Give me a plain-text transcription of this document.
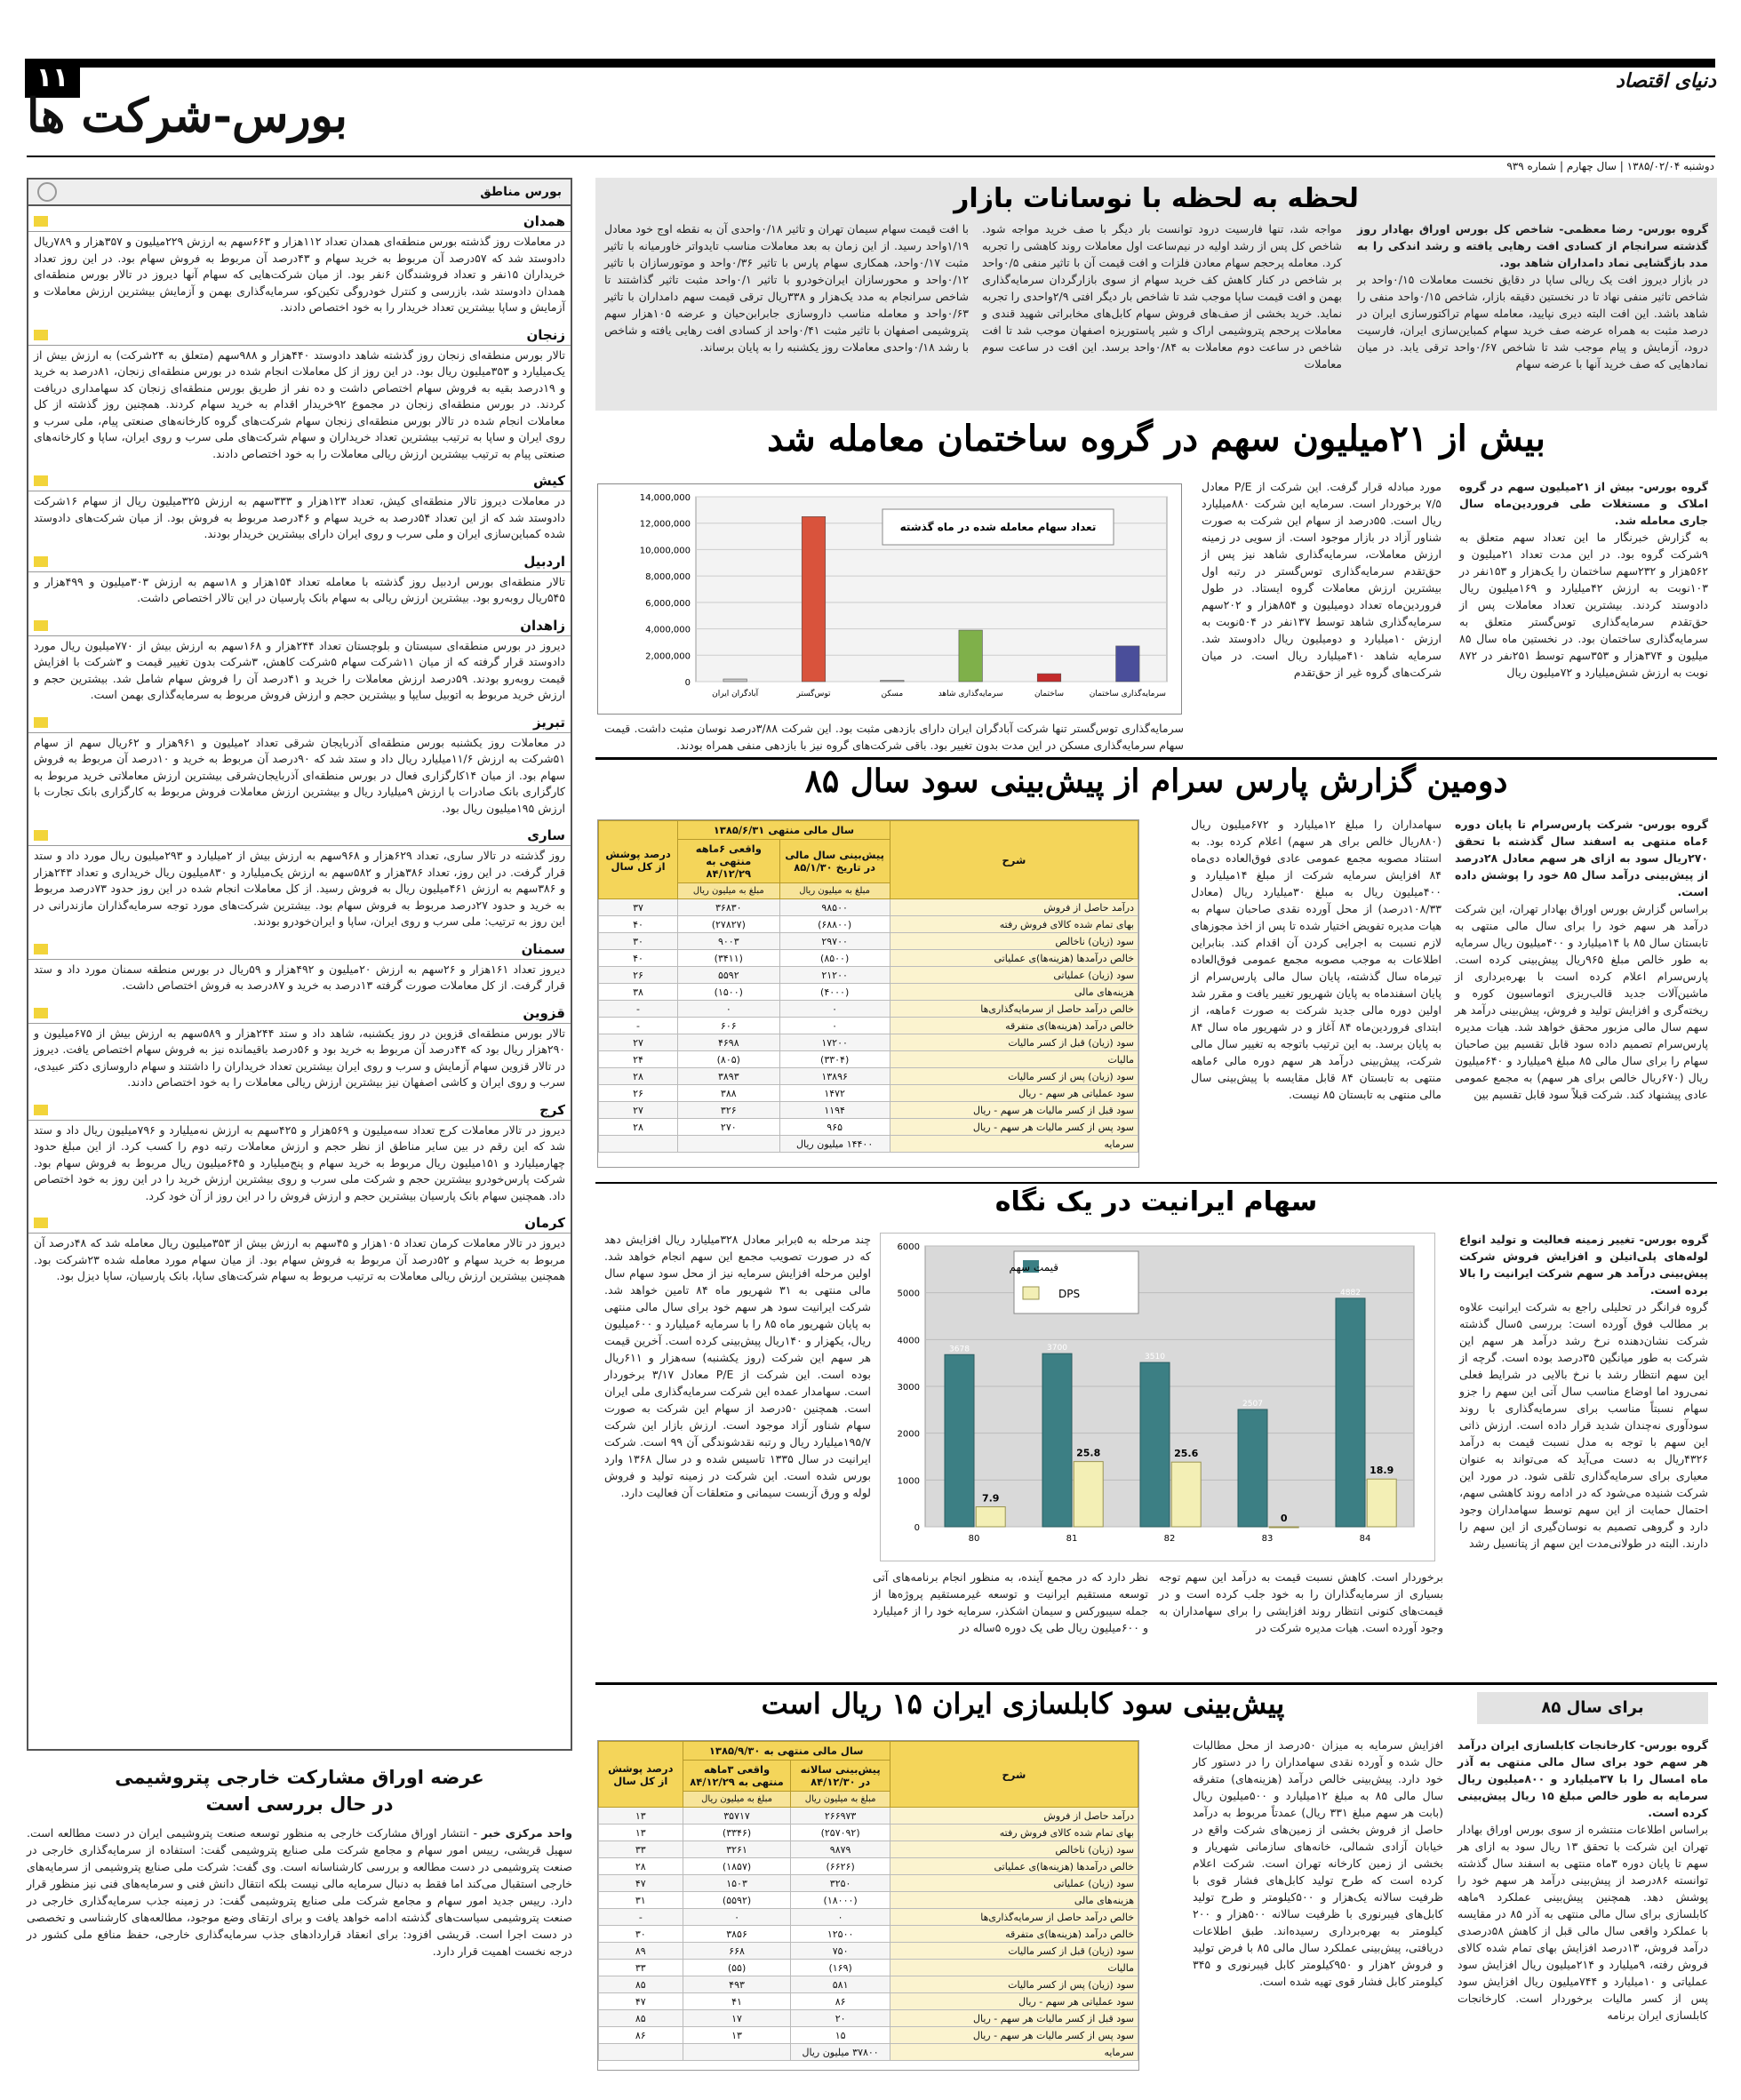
۱۱
بورس-شرکت ها
دنیای اقتصاد
دوشنبه ۱۳۸۵/۰۲/۰۴ | سال چهارم | شماره ۹۳۹
بورس مناطق
همدان

در معاملات روز گذشته بورس منطقه‌ای همدان تعداد ۱۱۲هزار و ۶۶۳سهم به ارزش ۲۲۹میلیون و ۳۵۷هزار و ۷۸۹ریال داد‌وستد شد که ۵۷درصد آن مربوط به خرید سهام و ۴۳درصد آن مربوط به فروش سهام بود. در این روز تعداد خریداران ۱۵نفر و تعداد فروشندگان ۶نفر بود. از میان شرکت‌هایی که سهام آنها دیروز در تالار بورس منطقه‌ای همدان دادوستد شد، بازرسی و کنترل خودروگی تکین‌کو، سرمایه‌گذاری بهمن و آزمایش بیشترین ارزش معاملات و آزمایش و ساپا بیشترین تعداد خریدار را به خود اختصاص دادند.

زنجان

تالار بورس منطقه‌ای زنجان روز گذشته شاهد دادوستد ۴۴۰هزار و ۹۸۸سهم (متعلق به ۲۴شرکت) به ارزش بیش از یک‌میلیارد و ۳۵۳میلیون ریال بود. در این روز از کل معاملات انجام شده در بورس منطقه‌ای زنجان، ۸۱درصد به خرید و ۱۹درصد بقیه به فروش سهام اختصاص داشت و ده نفر از طریق بورس منطقه‌ای زنجان کد سهامداری دریافت کردند. در بورس منطقه‌ای زنجان در مجموع ۹۲خریدار اقدام به خرید سهام کردند. همچنین روز گذشته از کل معاملات انجام شده در تالار بورس منطقه‌ای زنجان سهام شرکت‌های گروه کارخانه‌های صنعتی پیام، ملی سرب و روی ایران و ساپا به ترتیب بیشترین تعداد خریداران و سهام شرکت‌های ملی سرب و روی ایران، ساپا و کارخانه‌های صنعتی پیام به ترتیب بیشترین ارزش ریالی معاملات را به خود اختصاص دادند.

کیش

در معاملات دیروز تالار منطقه‌ای کیش، تعداد ۱۲۳هزار و ۳۳۳سهم به ارزش ۳۲۵میلیون ریال از سهام ۱۶شرکت دادوستد شد که از این تعداد ۵۴درصد به خرید سهام و ۴۶درصد مربوط به فروش بود. از میان شرکت‌های دادوستد شده کمباین‌سازی ایران و ملی سرب و روی ایران دارای بیشترین خریدار بودند.

اردبیل

تالار منطقه‌ای بورس اردبیل روز گذشته با معامله تعداد ۱۵۴هزار و ۱۸سهم به ارزش ۳۰۳میلیون و ۴۹۹هزار و ۵۴۵ریال روبه‌رو بود. بیشترین ارزش ریالی به سهام بانک پارسیان در این تالار اختصاص داشت.

زاهدان

دیروز در بورس منطقه‌ای سیستان و بلوچستان تعداد ۲۴۴هزار و ۱۶۸سهم به ارزش بیش از ۷۷۰میلیون ریال مورد دادوستد قرار گرفته که از میان ۱۱شرکت سهام ۵شرکت کاهش، ۳شرکت بدون تغییر قیمت و ۳شرکت با افزایش قیمت روبه‌رو بودند. ۵۹درصد ارزش معاملات را خرید و ۴۱درصد آن را فروش سهام شامل شد. بیشترین حجم و ارزش خرید مربوط به اتوبیل سایپا و بیشترین حجم و ارزش فروش مربوط به سرمایه‌گذاری بهمن است.

تبریز

در معاملات روز یکشنبه بورس منطقه‌ای آذربایجان شرقی تعداد ۲میلیون و ۹۶۱هزار و ۶۲ریال سهم از سهام ۵۱شرکت به ارزش ۱۱/۶میلیارد ریال داد و ستد شد که ۹۰درصد آن مربوط به خرید و ۱۰درصد آن مربوط به فروش سهام بود. از میان ۱۴کارگزاری فعال در بورس منطقه‌ای آذربایجان‌شرقی بیشترین ارزش معاملاتی خرید مربوط به کارگزاری بانک صادرات با ارزش ۹میلیارد ریال و بیشترین ارزش معاملات فروش مربوط به کارگزاری بانک تجارت با ارزش ۱۹۵میلیون ریال بود.

ساری

روز گذشته در تالار ساری، تعداد ۶۲۹هزار و ۹۶۸سهم به ارزش بیش از ۲میلیارد و ۲۹۳میلیون ریال مورد داد و ستد قرار گرفت. در این روز، تعداد ۳۸۶هزار و ۵۸۲سهم به ارزش یک‌میلیارد و ۸۳۰میلیون ریال خریداری و تعداد ۲۴۳هزار و ۳۸۶سهم به ارزش ۴۶۱میلیون ریال به فروش رسید. از کل معاملات انجام شده در این روز حدود ۷۳درصد مربوط به خرید و حدود ۲۷درصد مربوط به فروش سهام بود. بیشترین شرکت‌های مورد توجه سرمایه‌گذاران مازندرانی در این روز به ترتیب: ملی سرب و روی ایران، ساپا و ایران‌خودرو بودند.

سمنان

دیروز تعداد ۱۶۱هزار و ۲۶سهم به ارزش ۲۰میلیون و ۴۹۲هزار و ۵۹ریال در بورس منطقه سمنان مورد داد و ستد قرار گرفت. از کل معاملات صورت گرفته ۱۳درصد به خرید و ۸۷درصد به فروش اختصاص داشت.

قزوین

تالار بورس منطقه‌ای قزوین در روز یکشنبه، شاهد داد و ستد ۲۴۴هزار و ۵۸۹سهم به ارزش بیش از ۶۷۵میلیون و ۲۹۰هزار ریال بود که ۴۴درصد آن مربوط به خرید بود و ۵۶درصد باقیمانده نیز به فروش سهام اختصاص یافت. دیروز در تالار قزوین سهام آزمایش و سرب و روی ایران بیشترین تعداد خریداران را داشتند و سهام داروسازی دکتر عبیدی، سرب و روی ایران و کاشی اصفهان نیز بیشترین ارزش ریالی معاملات را به خود اختصاص دادند.

کرج

دیروز در تالار معاملات کرج تعداد سه‌میلیون و ۵۶۹هزار و ۴۲۵سهم به ارزش نه‌میلیارد و ۷۹۶میلیون ریال داد و ستد شد که این رقم در بین سایر مناطق از نظر حجم و ارزش معاملات رتبه دوم را کسب کرد. از این مبلغ حدود چهارمیلیارد و ۱۵۱میلیون ریال مربوط به خرید سهام و پنج‌میلیارد و ۶۴۵میلیون ریال مربوط به فروش سهام بود. شرکت پارس‌خودرو بیشترین حجم و شرکت ملی سرب و روی بیشترین ارزش خرید را در این روز به خود اختصاص داد. همچنین سهام بانک پارسیان بیشترین حجم و ارزش فروش را در این روز از آن خود کرد.

کرمان

دیروز در تالار معاملات کرمان تعداد ۱۰۵هزار و ۴۵سهم به ارزش بیش از ۳۵۳میلیون ریال معامله شد که ۴۸درصد آن مربوط به خرید سهام و ۵۲درصد آن مربوط به فروش سهام بود. از میان سهام مورد معامله شده ۲۳شرکت بود. همچنین بیشترین ارزش ریالی معاملات به ترتیب مربوط به سهام شرکت‌های ساپا، بانک پارسیان، ساپا دیزل بود.

عرضه اوراق مشارکت خارجی پتروشیمی
در حال بررسی است
واحد مرکزی خبر - انتشار اوراق مشارکت خارجی به منظور توسعه صنعت پتروشیمی ایران در دست مطالعه است. سهیل قریشی، رییس امور سهام و مجامع شرکت ملی صنایع پتروشیمی گفت: استفاده از سرمایه‌گذاری خارجی در صنعت پتروشیمی در دست مطالعه و بررسی کارشناسانه است. وی گفت: شرکت ملی صنایع پتروشیمی از سرمایه‌های خارجی استقبال می‌کند اما فقط به دنبال سرمایه مالی نیست بلکه انتقال دانش فنی و سرمایه‌های فنی نیز منظور قرار دارد. رییس جدید امور سهام و مجامع شرکت ملی صنایع پتروشیمی گفت: در زمینه جذب سرمایه‌گذاری خارجی در صنعت پتروشیمی سیاست‌های گذشته ادامه خواهد یافت و برای ارتقای وضع موجود، مطالعه‌های کارشناسی و تخصصی در دست اجرا است. قریشی افزود: برای انعقاد قراردادهای جذب سرمایه‌گذاری خارجی، حفظ منافع ملی کشور در درجه نخست اهمیت قرار دارد.
لحظه به لحظه با نوسانات بازار
گروه بورس- رضا معظمی- شاخص کل بورس اوراق بهادار روز گذشته سرانجام از کسادی افت رهایی یافته و رشد اندکی را به مدد بازگشایی نماد دامداران شاهد بود.
در بازار دیروز افت یک ریالی ساپا در دقایق نخست معاملات ۰/۱۵واحد بر شاخص تاثیر منفی نهاد تا در نخستین دقیقه بازار، شاخص ۰/۱۵واحد منفی را شاهد باشد. این افت البته دیری نپایید، معامله سهام تراکتورسازی ایران در درصد مثبت به همراه عرضه صف خرید سهام کمباین‌سازی ایران، فارسیت درود، آزمایش و پیام موجب شد تا شاخص ۰/۶۷واحد ترقی یابد. در میان نمادهایی که صف خرید آنها با عرضه سهام
مواجه شد، تنها فارسیت درود توانست بار دیگر با صف خرید مواجه شود. شاخص کل پس از رشد اولیه در نیم‌ساعت اول معاملات روند کاهشی را تجربه کرد. معامله پرحجم سهام معادن فلزات و افت قیمت آن با تاثیر منفی ۰/۵واحد بر شاخص در کنار کاهش کف خرید سهام از سوی بازارگردان سرمایه‌گذاری بهمن و افت قیمت ساپا موجب شد تا شاخص بار دیگر افتی ۲/۹واحدی را تجربه نماید. خرید بخشی از صف‌های فروش سهام کابل‌های مخابراتی شهید قندی و معاملات پرحجم پتروشیمی اراک و شیر پاستوریزه اصفهان موجب شد تا افت شاخص در ساعت دوم معاملات به ۰/۸۴واحد برسد. این افت در ساعت سوم معاملات
با افت قیمت سهام سیمان تهران و تاثیر ۰/۱۸واحدی آن به نقطه اوج خود معادل ۱/۱۹واحد رسید. از این زمان به بعد معاملات مناسب تایدواتر خاورمیانه با تاثیر مثبت ۰/۱۷واحد، همکاری سهام پارس با تاثیر ۰/۳۶واحد و موتورسازان با تاثیر ۰/۱۲واحد و محورسازان ایران‌خودرو با تاثیر ۰/۱واحد مثبت تاثیر گذاشتند تا شاخص سرانجام به مدد یک‌هزار و ۳۳۸ریال ترقی قیمت سهم دامداران با تاثیر ۰/۶۳واحد و معامله مناسب داروسازی جابرابن‌حیان و عرضه ۱۰۵هزار سهم پتروشیمی اصفهان با تاثیر مثبت ۰/۴۱واحد از کسادی افت رهایی یافته و شاخص با رشد ۰/۱۸واحدی معاملات روز یکشنبه را به پایان برساند.
بیش از ۲۱میلیون سهم در گروه ساختمان معامله شد
گروه بورس- بیش از ۲۱میلیون سهم در گروه املاک و مستغلات طی فروردین‌ماه سال جاری معامله شد.
به گزارش خبرنگار ما این تعداد سهم متعلق به ۹شرکت گروه بود. در این مدت تعداد ۲۱میلیون و ۵۶۲هزار و ۲۳۲سهم ساختمان را یک‌هزار و ۱۵۳نفر در ۱۰۳نوبت به ارزش ۴۲میلیارد و ۱۶۹میلیون ریال دادوستد کردند. بیشترین تعداد معاملات پس از حق‌تقدم سرمایه‌گذاری توس‌گستر متعلق به سرمایه‌گذاری ساختمان بود. در نخستین ماه سال ۸۵ میلیون و ۳۷۴هزار و ۳۵۳سهم توسط ۲۵۱نفر در ۸۷۲ نوبت به ارزش شش‌میلیارد و ۷۲میلیون ریال
مورد مبادله قرار گرفت. این شرکت از P/E معادل ۷/۵ برخوردار است. سرمایه این شرکت ۸۸۰میلیارد ریال است. ۵۵درصد از سهام این شرکت به صورت شناور آزاد در بازار موجود است. از سویی در زمینه ارزش معاملات، سرمایه‌گذاری شاهد نیز پس از حق‌تقدم سرمایه‌گذاری توس‌گستر در رتبه اول بیشترین ارزش معاملات گروه ایستاد. در طول فروردین‌ماه تعداد دومیلیون و ۸۵۴هزار و ۲۰۲سهم سرمایه‌گذاری شاهد توسط ۱۳۷نفر در ۵۰۴نوبت به ارزش ۱۰میلیارد و دومیلیون ریال دادوستد شد. سرمایه شاهد ۴۱۰میلیارد ریال است. در میان شرکت‌های گروه غیر از حق‌تقدم
سرمایه‌گذاری توس‌گستر تنها شرکت آبادگران ایران دارای بازدهی مثبت بود. این شرکت ۳/۸۸درصد نوسان مثبت داشت. قیمت سهام سرمایه‌گذاری مسکن در این مدت بدون تغییر بود. باقی شرکت‌های گروه نیز با بازدهی منفی همراه بودند.
0
2,000,000
4,000,000
6,000,000
8,000,000
10,000,000
12,000,000
14,000,000
آبادگران ایران	توس‌گستر	مسکن	سرمایه‌گذاری شاهد	ساختمان	سرمایه‌گذاری ساختمان
تعداد سهام معامله شده در ماه گذشته
دومین گزارش پارس سرام از پیش‌بینی سود سال ۸۵
گروه بورس- شرکت پارس‌سرام تا پایان دوره ۶ماه منتهی به اسفند سال گذشته با تحقق ۲۷۰ریال سود به ازای هر سهم معادل ۲۸درصد از پیش‌بینی درآمد سال ۸۵ خود را پوشش داده است.
براساس گزارش بورس اوراق بهادار تهران، این شرکت درآمد هر سهم خود را برای سال مالی منتهی به تابستان سال ۸۵ با ۱۴میلیارد و ۴۰۰میلیون ریال سرمایه به طور خالص مبلغ ۹۶۵ریال پیش‌بینی کرده است. پارس‌سرام اعلام کرده است با بهره‌برداری از ماشین‌آلات جدید قالب‌ریزی اتوماسیون کوره و ریخته‌گری و افزایش تولید و فروش، پیش‌بینی درآمد هر سهم سال مالی مزبور محقق خواهد شد. هیات مدیره پارس‌سرام تصمیم داده سود قابل تقسیم بین صاحبان سهام را برای سال مالی ۸۵ مبلغ ۹میلیارد و ۶۴۰میلیون ریال (۶۷۰ریال خالص برای هر سهم) به مجمع عمومی عادی پیشنهاد کند. شرکت قبلاً سود قابل تقسیم بین
سهامداران را مبلغ ۱۲میلیارد و ۶۷۲میلیون ریال (۸۸۰ریال خالص برای هر سهم) اعلام کرده بود. به استناد مصوبه مجمع عمومی عادی فوق‌العاده دی‌ماه ۸۴ افزایش سرمایه شرکت از مبلغ ۱۴میلیارد و ۴۰۰میلیون ریال به مبلغ ۳۰میلیارد ریال (معادل ۱۰۸/۳۳درصد) از محل آورده نقدی صاحبان سهام به هیات مدیره تفویض اختیار شده تا پس از اخذ مجوزهای لازم نسبت به اجرایی کردن آن اقدام کند. بنابراین اطلاعات به موجب مصوبه مجمع عمومی فوق‌العاده تیرماه سال گذشته، پایان سال مالی پارس‌سرام از پایان اسفندماه به پایان شهریور تغییر یافت و مقرر شد اولین دوره مالی جدید شرکت به صورت ۶ماهه، از ابتدای فروردین‌ماه ۸۴ آغاز و در شهریور ماه سال ۸۴ به پایان برسد. به این ترتیب باتوجه به تغییر سال مالی شرکت، پیش‌بینی درآمد هر سهم دوره مالی ۶ماهه منتهی به تابستان ۸۴ قابل مقایسه با پیش‌بینی سال مالی منتهی به تابستان ۸۵ نیست.
شرح	سال مالی منتهی ۱۳۸۵/۶/۳۱		درصد پوشش از کل سال
	پیش‌بینی سال مالی در تاریخ ۸۵/۱/۳۰	واقعی ۶ماهه منتهی به ۸۴/۱۲/۲۹	
	مبلغ به میلیون ریال	مبلغ به میلیون ریال	
درآمد حاصل از فروش	۹۸۵۰۰	۳۶۸۳۰	۳۷
بهای تمام شده کالای فروش رفته	(۶۸۸۰۰)	(۲۷۸۲۷)	۴۰
سود (زیان) ناخالص	۲۹۷۰۰	۹۰۰۳	۳۰
خالص درآمدها (هزینه‌ها)ی عملیاتی	(۸۵۰۰)	(۳۴۱۱)	۴۰
سود (زیان) عملیاتی	۲۱۲۰۰	۵۵۹۲	۲۶
هزینه‌های مالی	(۴۰۰۰)	(۱۵۰۰)	۳۸
خالص درآمد حاصل از سرمایه‌گذاری‌ها	۰	۰	-
خالص درآمد (هزینه‌ها)ی متفرقه	۰	۶۰۶	-
سود (زیان) قبل از کسر مالیات	۱۷۲۰۰	۴۶۹۸	۲۷
مالیات	(۳۳۰۴)	(۸۰۵)	۲۴
سود (زیان) پس از کسر مالیات	۱۳۸۹۶	۳۸۹۳	۲۸
سود عملیاتی هر سهم - ریال	۱۴۷۲	۳۸۸	۲۶
سود قبل از کسر مالیات هر سهم - ریال	۱۱۹۴	۳۲۶	۲۷
سود پس از کسر مالیات هر سهم - ریال	۹۶۵	۲۷۰	۲۸
سرمایه	۱۴۴۰۰ میلیون ریال		
سهام ایرانیت در یک نگاه
گروه بورس- تغییر زمینه فعالیت و تولید انواع لوله‌های پلی‌اتیلن و افزایش فروش شرکت پیش‌بینی درآمد هر سهم شرکت ایرانیت را بالا برده است.
گروه فرانگر در تحلیلی راجع به شرکت ایرانیت علاوه بر مطالب فوق آورده است: بررسی ۵سال گذشته شرکت نشان‌دهنده نرخ رشد درآمد هر سهم این شرکت به طور میانگین ۳۵درصد بوده است. گرچه از این سهم انتظار رشد با نرخ بالایی در شرایط فعلی نمی‌رود اما اوضاع مناسب سال آتی این سهم را جزو سهام نسبتاً مناسب برای سرمایه‌گذاری با روند سودآوری نه‌چندان شدید قرار داده است. ارزش ذاتی این سهم با توجه به مدل نسبت قیمت به درآمد ۴۳۲۶ریال به دست می‌آید که می‌تواند به عنوان معیاری برای سرمایه‌گذاری تلقی شود. در مورد این شرکت شنیده می‌شود که در ادامه روند کاهشی سهم، احتمال حمایت از این سهم توسط سهامداران وجود دارد و گروهی تصمیم به نوسان‌گیری از این سهم را دارند. البته در طولانی‌مدت این سهم از پتانسیل رشد
برخوردار است. کاهش نسبت قیمت به درآمد این سهم توجه بسیاری از سرمایه‌گذاران را به خود جلب کرده است و در قیمت‌های کنونی انتظار روند افزایشی را برای سهامداران به وجود آورده است. هیات مدیره شرکت در
نظر دارد که در مجمع آینده، به منظور انجام برنامه‌های آتی توسعه مستقیم ایرانیت و توسعه غیرمستقیم پروژه‌ها از جمله سیبورکس و سیمان اشکذر، سرمایه خود را از ۶میلیارد و ۶۰۰میلیون ریال طی یک دوره ۵ساله در
چند مرحله به ۵برابر معادل ۳۲۸میلیارد ریال افزایش دهد که در صورت تصویب مجمع این سهم انجام خواهد شد. اولین مرحله افزایش سرمایه نیز از محل سود سهام سال مالی منتهی به ۳۱ شهریور ماه ۸۴ تامین خواهد شد. شرکت ایرانیت سود هر سهم خود برای سال مالی منتهی به پایان شهریور ماه ۸۵ را با سرمایه ۶میلیارد و ۶۰۰میلیون ریال، یکهزار و ۱۴۰ریال پیش‌بینی کرده است. آخرین قیمت هر سهم این شرکت (روز یکشنبه) سه‌هزار و ۶۱۱ریال بوده است. این شرکت از P/E معادل ۳/۱۷ برخوردار است. سهامدار عمده این شرکت سرمایه‌گذاری ملی ایران است. همچنین ۵۰درصد از سهام این شرکت به صورت سهام شناور آزاد موجود است. ارزش بازار این شرکت ۱۹۵/۷میلیارد ریال و رتبه نقدشوندگی آن ۹۹ است. شرکت ایرانیت در سال ۱۳۳۵ تاسیس شده و در سال ۱۳۶۸ وارد بورس شده است. این شرکت در زمینه تولید و فروش لوله و ورق آزبست سیمانی و متعلقات آن فعالیت دارد.
0
1000
2000
3000
4000
5000
6000
3678
7.9
80
3700
25.8
81
3510
25.6
82
2507
0
83
4882
18.9
84
قیمت سهم
DPS
پیش‌بینی سود کابلسازی ایران ۱۵ ریال است	برای سال ۸۵
گروه بورس- کارخانجات کابلسازی ایران درآمد هر سهم خود برای سال مالی منتهی به آذر ماه امسال را با ۳۷میلیارد و ۸۰۰میلیون ریال سرمایه به طور خالص مبلغ ۱۵ ریال پیش‌بینی کرده است.
براساس اطلاعات منتشره از سوی بورس اوراق بهادار تهران این شرکت با تحقق ۱۳ ریال سود به ازای هر سهم تا پایان دوره ۳ماه منتهی به اسفند سال گذشته توانسته ۸۶درصد از پیش‌بینی درآمد هر سهم خود را پوشش دهد. همچنین پیش‌بینی عملکرد ۹ماهه کابلسازی برای سال مالی منتهی به آذر ۸۵ در مقایسه با عملکرد واقعی سال مالی قبل از کاهش ۵۸درصدی درآمد فروش، ۱۳درصد افزایش بهای تمام شده کالای فروش رفته، ۹میلیارد و ۲۱۴میلیون ریال افزایش سود عملیاتی و ۱۰میلیارد و ۷۴۴میلیون ریال افزایش سود پس از کسر مالیات برخوردار است. کارخانجات کابلسازی ایران برنامه
افزایش سرمایه به میزان ۵۰درصد از محل مطالبات حال شده و آورده نقدی سهامداران را در دستور کار خود دارد. پیش‌بینی خالص درآمد (هزینه‌های) متفرقه سال مالی ۸۵ به مبلغ ۱۲میلیارد و ۵۰۰میلیون ریال (بابت هر سهم مبلغ ۳۳۱ ریال) عمدتاً مربوط به درآمد حاصل از فروش بخشی از زمین‌های شرکت واقع در خیابان آزادی شمالی، خانه‌های سازمانی شهریار و بخشی از زمین کارخانه تهران است. شرکت اعلام کرده است که طرح تولید کابل‌های فشار قوی با ظرفیت سالانه یک‌هزار و ۵۰۰کیلومتر و طرح تولید کابل‌های فیبرنوری با ظرفیت سالانه ۵۰۰هزار و ۲۰۰ کیلومتر به بهره‌برداری رسیده‌اند. طبق اطلاعات دریافتی، پیش‌بینی عملکرد سال مالی ۸۵ با فرض تولید و فروش ۲هزار و ۹۵۰کیلومتر کابل فیبرنوری و ۳۴۵ کیلومتر کابل فشار قوی تهیه شده است.
شرح	سال مالی منتهی به ۱۳۸۵/۹/۳۰		درصد پوشش از کل سال
	پیش‌بینی سالانه در ۸۴/۱۲/۳۰	واقعی ۳ماهه منتهی به ۸۴/۱۲/۲۹	
	مبلغ به میلیون ریال	مبلغ به میلیون ریال	
درآمد حاصل از فروش	۲۶۶۹۷۳	۳۵۷۱۷	۱۳
بهای تمام شده کالای فروش رفته	(۲۵۷۰۹۲)	(۳۳۴۶)	۱۳
سود (زیان) ناخالص	۹۸۷۹	۳۲۶۱	۳۳
خالص درآمدها (هزینه‌ها)ی عملیاتی	(۶۶۲۶)	(۱۸۵۷)	۲۸
سود (زیان) عملیاتی	۳۲۵۰	۱۵۰۳	۴۷
هزینه‌های مالی	(۱۸۰۰۰)	(۵۵۹۲)	۳۱
خالص درآمد حاصل از سرمایه‌گذاری‌ها	۰	۰	-
خالص درآمد (هزینه‌ها)ی متفرقه	۱۲۵۰۰	۳۸۵۶	۳۰
سود (زیان) قبل از کسر مالیات	۷۵۰	۶۶۸	۸۹
مالیات	(۱۶۹)	(۵۵)	۳۳
سود (زیان) پس از کسر مالیات	۵۸۱	۴۹۳	۸۵
سود عملیاتی هر سهم - ریال	۸۶	۴۱	۴۷
سود قبل از کسر مالیات هر سهم - ریال	۲۰	۱۷	۸۵
سود پس از کسر مالیات هر سهم - ریال	۱۵	۱۳	۸۶
سرمایه	۳۷۸۰۰ میلیون ریال		
